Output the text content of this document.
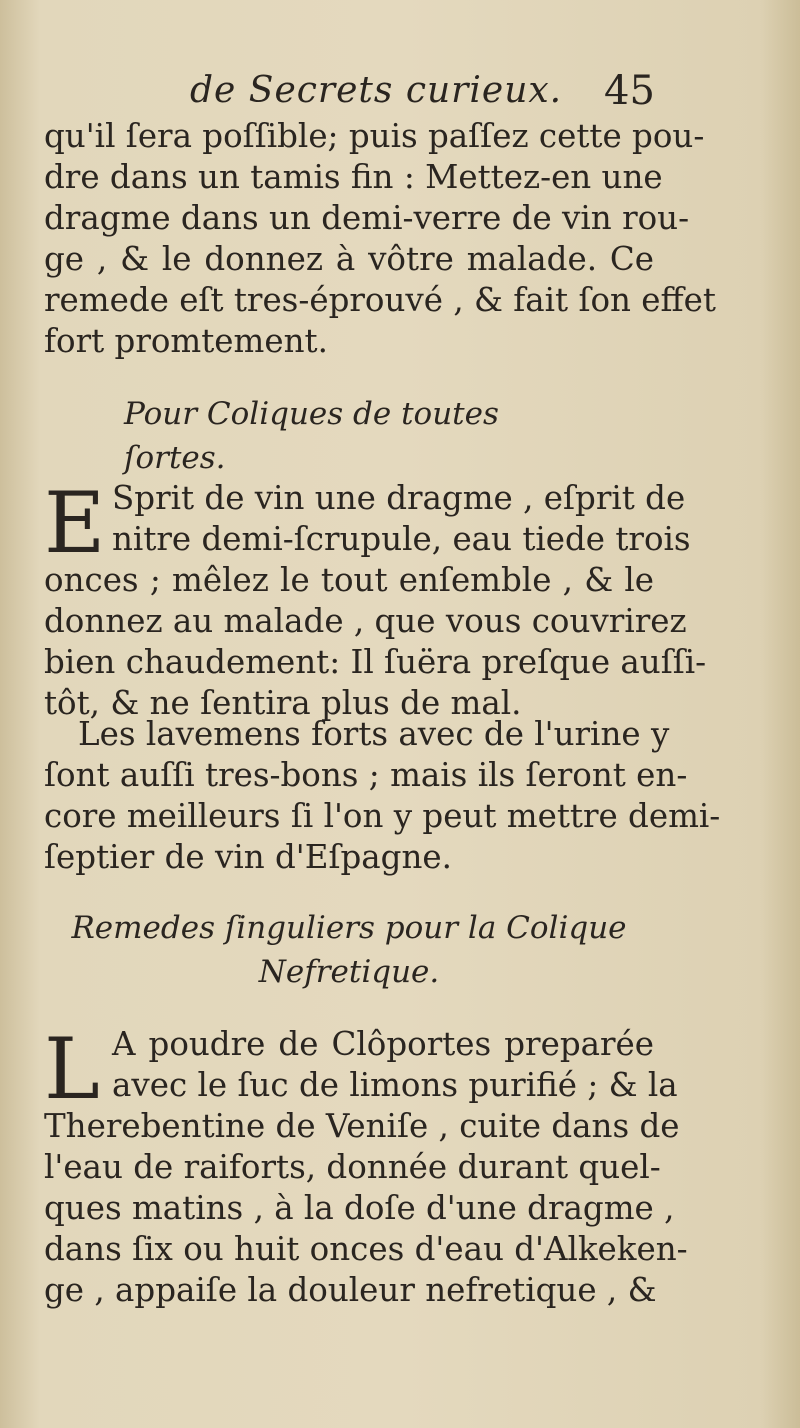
de Secrets curieux.	45
qu'il ſera poſſible; puis paſſez cette pou-
dre dans un tamis fin : Mettez-en une
dragme dans un demi-verre de vin rou-
ge , & le donnez à vôtre malade. Ce
remede eſt tres-éprouvé , & fait ſon effet
fort promtement.
Pour Coliques de toutes ſortes.
E Sprit de vin une dragme , eſprit de
nitre demi-ſcrupule, eau tiede trois
onces ; mêlez le tout enſemble , & le
donnez au malade , que vous couvrirez
bien chaudement: Il ſuëra preſque auſſi-
tôt, & ne ſentira plus de mal.
Les lavemens forts avec de l'urine y
ſont auſſi tres-bons ; mais ils ſeront en-
core meilleurs ſi l'on y peut mettre demi-
ſeptier de vin d'Eſpagne.
Remedes ſinguliers pour la Colique
Nefretique.
L A poudre de Clôportes preparée
avec le ſuc de limons purifié ; & la
Therebentine de Veniſe , cuite dans de
l'eau de raiforts, donnée durant quel-
ques matins , à la doſe d'une dragme ,
dans ſix ou huit onces d'eau d'Alkeken-
ge , appaiſe la douleur nefretique , &
